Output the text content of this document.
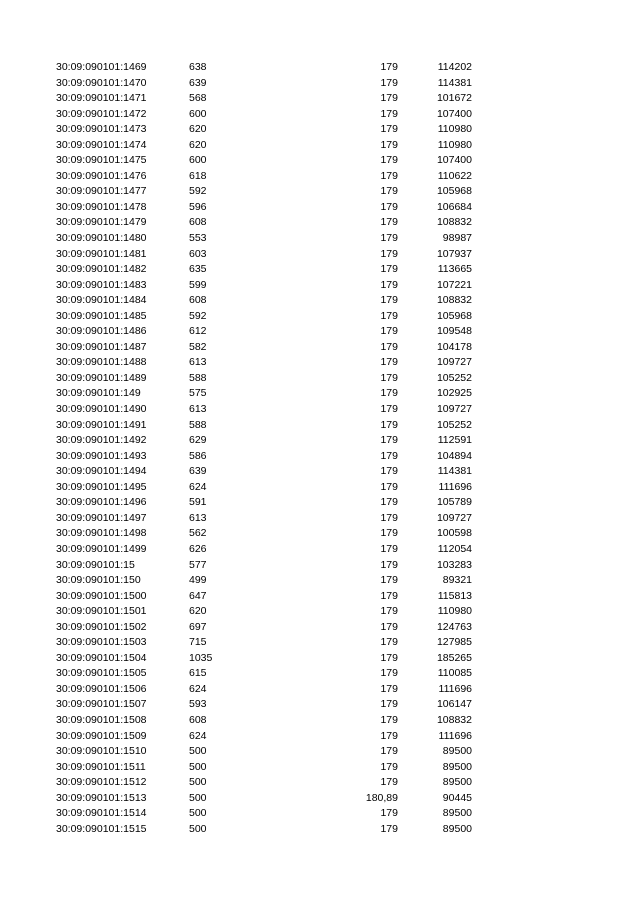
30:09:090101:1469	638	179	114202
30:09:090101:1470	639	179	114381
30:09:090101:1471	568	179	101672
30:09:090101:1472	600	179	107400
30:09:090101:1473	620	179	110980
30:09:090101:1474	620	179	110980
30:09:090101:1475	600	179	107400
30:09:090101:1476	618	179	110622
30:09:090101:1477	592	179	105968
30:09:090101:1478	596	179	106684
30:09:090101:1479	608	179	108832
30:09:090101:1480	553	179	98987
30:09:090101:1481	603	179	107937
30:09:090101:1482	635	179	113665
30:09:090101:1483	599	179	107221
30:09:090101:1484	608	179	108832
30:09:090101:1485	592	179	105968
30:09:090101:1486	612	179	109548
30:09:090101:1487	582	179	104178
30:09:090101:1488	613	179	109727
30:09:090101:1489	588	179	105252
30:09:090101:149	575	179	102925
30:09:090101:1490	613	179	109727
30:09:090101:1491	588	179	105252
30:09:090101:1492	629	179	112591
30:09:090101:1493	586	179	104894
30:09:090101:1494	639	179	114381
30:09:090101:1495	624	179	111696
30:09:090101:1496	591	179	105789
30:09:090101:1497	613	179	109727
30:09:090101:1498	562	179	100598
30:09:090101:1499	626	179	112054
30:09:090101:15	577	179	103283
30:09:090101:150	499	179	89321
30:09:090101:1500	647	179	115813
30:09:090101:1501	620	179	110980
30:09:090101:1502	697	179	124763
30:09:090101:1503	715	179	127985
30:09:090101:1504	1035	179	185265
30:09:090101:1505	615	179	110085
30:09:090101:1506	624	179	111696
30:09:090101:1507	593	179	106147
30:09:090101:1508	608	179	108832
30:09:090101:1509	624	179	111696
30:09:090101:1510	500	179	89500
30:09:090101:1511	500	179	89500
30:09:090101:1512	500	179	89500
30:09:090101:1513	500	180,89	90445
30:09:090101:1514	500	179	89500
30:09:090101:1515	500	179	89500
